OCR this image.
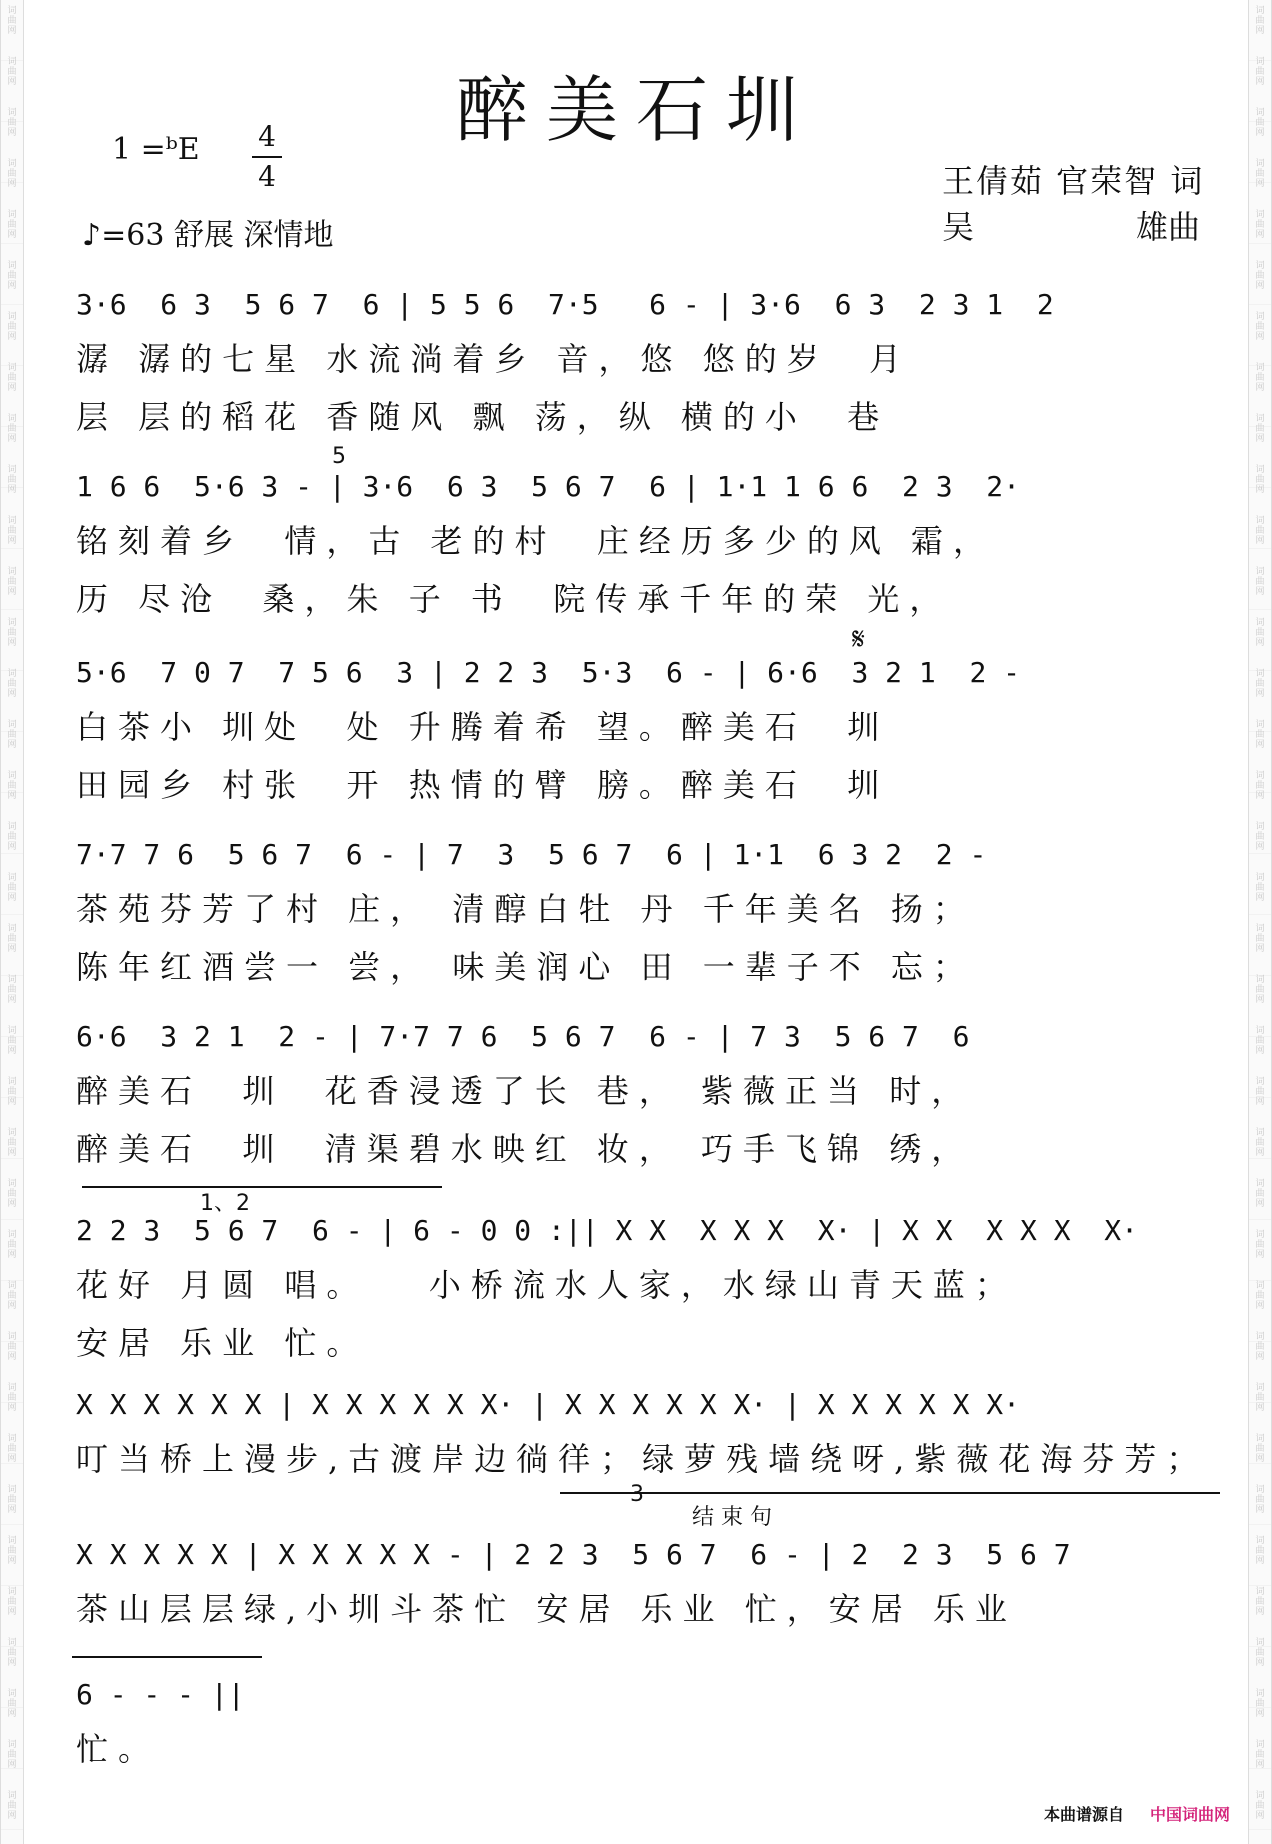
词
曲
网
词
曲
网
词
曲
网
词
曲
网
词
曲
网
词
曲
网
词
曲
网
词
曲
网
词
曲
网
词
曲
网
词
曲
网
词
曲
网
词
曲
网
词
曲
网
词
曲
网
词
曲
网
词
曲
网
词
曲
网
词
曲
网
词
曲
网
词
曲
网
词
曲
网
词
曲
网
词
曲
网
词
曲
网
词
曲
网
词
曲
网
词
曲
网
词
曲
网
词
曲
网
词
曲
网
词
曲
网
词
曲
网
词
曲
网
词
曲
网
词
曲
网
词
曲
网
词
曲
网
词
曲
网
词
曲
网
词
曲
网
词
曲
网
词
曲
网
词
曲
网
词
曲
网
词
曲
网
词
曲
网
词
曲
网
词
曲
网
词
曲
网
词
曲
网
词
曲
网
词
曲
网
词
曲
网
词
曲
网
词
曲
网
词
曲
网
词
曲
网
词
曲
网
词
曲
网
词
曲
网
词
曲
网
词
曲
网
词
曲
网
词
曲
网
词
曲
网
词
曲
网
词
曲
网
词
曲
网
词
曲
网
词
曲
网
词
曲
网
醉美石圳
1 =ᵇE 4
4
♪=63 舒展 深情地
王倩茹 官荣智 词
吴	雄曲
3·6  6 3  5 6 7  6 | 5 5 6  7·5   6 - | 3·6  6 3  2 3 1  2
潺 潺的七星 水流淌着乡 音，悠 悠的岁  月
层 层的稻花 香随风 飘 荡，纵 横的小  巷
5
1 6 6  5·6 3 - | 3·6  6 3  5 6 7  6 | 1·1 1 6 6  2 3  2·
铭刻着乡  情，古 老的村  庄经历多少的风 霜，
历 尽沧  桑，朱 子 书  院传承千年的荣 光，
𝄋
5·6  7 0 7  7 5 6  3 | 2 2 3  5·3  6 - | 6·6  3 2 1  2 -
白茶小 圳处  处 升腾着希 望。醉美石  圳
田园乡 村张  开 热情的臂 膀。醉美石  圳
7·7 7 6  5 6 7  6 - | 7  3  5 6 7  6 | 1·1  6 3 2  2 -
茶苑芬芳了村 庄， 清醇白牡 丹 千年美名 扬；
陈年红酒尝一 尝， 味美润心 田 一辈子不 忘；
6·6  3 2 1  2 - | 7·7 7 6  5 6 7  6 - | 7 3  5 6 7  6
醉美石  圳  花香浸透了长 巷， 紫薇正当 时，
醉美石  圳  清渠碧水映红 妆， 巧手飞锦 绣，
1、2
2 2 3  5 6 7  6 - | 6 - 0 0 :|| X X  X X X  X· | X X  X X X  X·
花好 月圆 唱。   小桥流水人家，水绿山青天蓝；
安居 乐业 忙。
X X X X X X | X X X X X X· | X X X X X X· | X X X X X X·
叮当桥上漫步,古渡岸边徜徉；绿萝残墙绕呀,紫薇花海芬芳；
3
结 束 句
X X X X X | X X X X X - | 2 2 3  5 6 7  6 - | 2  2 3  5 6 7
茶山层层绿,小圳斗茶忙 安居 乐业 忙，安居 乐业
6 - - - ||
忙。
本曲谱源自 中国词曲网
